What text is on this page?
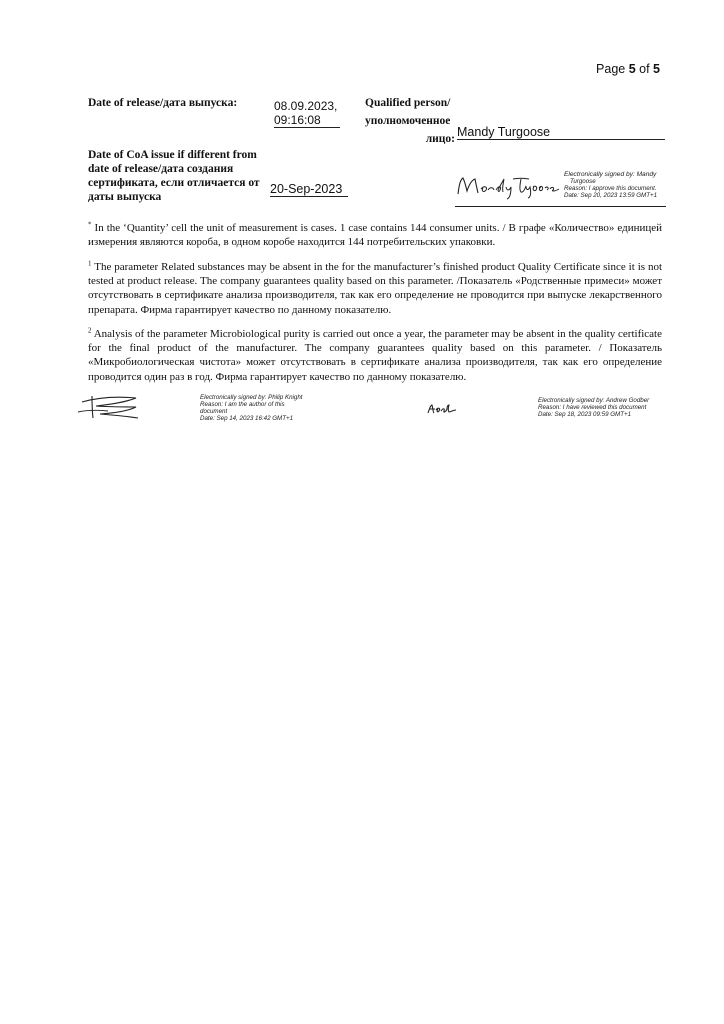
Page 5 of 5
Date of release/дата выпуска:	08.09.2023,
09:16:08
Qualified person/
уполномоченное
лицо: Mandy Turgoose
Date of CoA issue if different from
date of release/дата создания
сертификата, если отличается от
даты выпуска
20-Sep-2023
Electronically signed by: Mandy
Turgoose
Reason: I approve this document.
Date: Sep 20, 2023 13:59 GMT+1
* In the ‘Quantity’ cell the unit of measurement is cases. 1 case contains 144 consumer units. / В графе «Количество» единицей измерения являются короба, в одном коробе находится 144 потребительских упаковки.
$^1$ The parameter Related substances may be absent in the for the manufacturer’s finished product Quality Certificate since it is not tested at product release. The company guarantees quality based on this parameter. /Показатель «Родственные примеси» может отсутствовать в сертификате анализа производителя, так как его определение не проводится при выпуске лекарственного препарата. Фирма гарантирует качество по данному показателю.
$^2$ Analysis of the parameter Microbiological purity is carried out once a year, the parameter may be absent in the quality certificate for the final product of the manufacturer. The company guarantees quality based on this parameter. / Показатель «Микробиологическая чистота» может отсутствовать в сертификате анализа производителя, так как его определение проводится один раз в год. Фирма гарантирует качество по данному показателю.
Electronically signed by: Philip Knight
Reason: I am the author of this
document
Date: Sep 14, 2023 16:42 GMT+1
Electronically signed by: Andrew Godber
Reason: I have reviewed this document
Date: Sep 18, 2023 09:59 GMT+1
